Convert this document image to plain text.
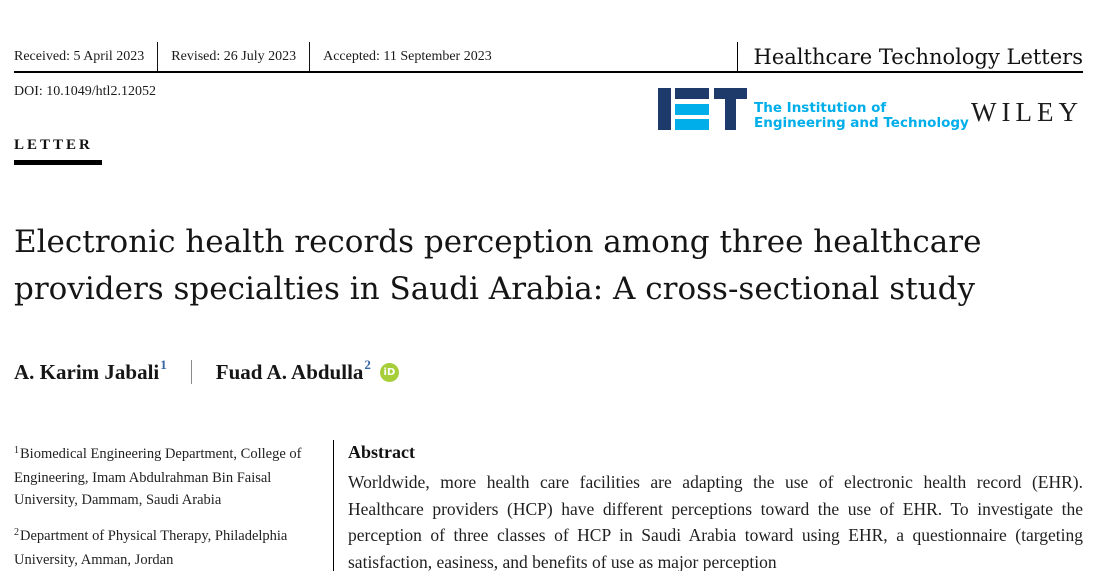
Received: 5 April 2023	Revised: 26 July 2023	Accepted: 11 September 2023	Healthcare Technology Letters
DOI: 10.1049/htl2.12052
The Institution of
Engineering and Technology WILEY
LETTER
Electronic health records perception among three healthcare
providers specialties in Saudi Arabia: A cross-sectional study
A. Karim Jabali 1 Fuad A. Abdulla 2	iD

$^1$Biomedical Engineering Department, College of Engineering, Imam Abdulrahman Bin Faisal University, Dammam, Saudi Arabia

$^2$Department of Physical Therapy, Philadelphia University, Amman, Jordan

Abstract
Worldwide, more health care facilities are adapting the use of electronic health record (EHR). Healthcare providers (HCP) have different perceptions toward the use of EHR. To investigate the perception of three classes of HCP in Saudi Arabia toward using EHR, a questionnaire (targeting satisfaction, easiness, and benefits of use as major perception
